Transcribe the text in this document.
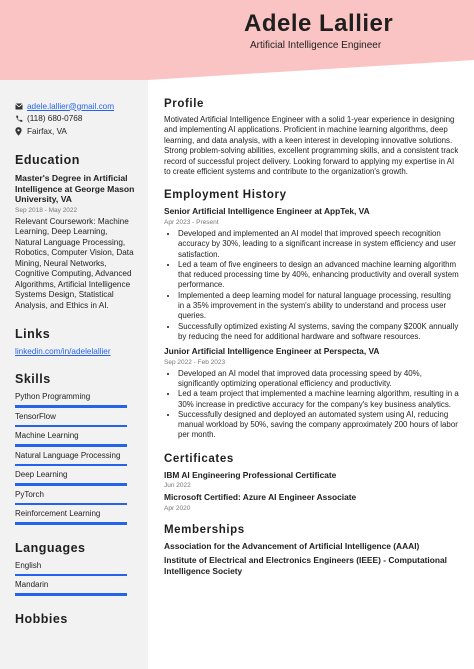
Adele Lallier
Artificial Intelligence Engineer
adele.lallier@gmail.com
(118) 680-0768
Fairfax, VA
Education
Master's Degree in Artificial Intelligence at George Mason University, VA
Sep 2018 - May 2022
Relevant Coursework: Machine Learning, Deep Learning, Natural Language Processing, Robotics, Computer Vision, Data Mining, Neural Networks, Cognitive Computing, Advanced Algorithms, Artificial Intelligence Systems Design, Statistical Analysis, and Ethics in AI.
Links
linkedin.com/in/adelelallier
Skills
Python Programming
TensorFlow
Machine Learning
Natural Language Processing
Deep Learning
PyTorch
Reinforcement Learning
Languages
English
Mandarin
Hobbies
Profile
Motivated Artificial Intelligence Engineer with a solid 1-year experience in designing and implementing AI applications. Proficient in machine learning algorithms, deep learning, and data analysis, with a keen interest in developing innovative solutions. Strong problem-solving abilities, excellent programming skills, and a consistent track record of successful project delivery. Looking forward to applying my expertise in AI to create efficient systems and contribute to the organization's growth.
Employment History
Senior Artificial Intelligence Engineer at AppTek, VA
Apr 2023 - Present
• Developed and implemented an AI model that improved speech recognition accuracy by 30%, leading to a significant increase in system efficiency and user satisfaction.
• Led a team of five engineers to design an advanced machine learning algorithm that reduced processing time by 40%, enhancing productivity and overall system performance.
• Implemented a deep learning model for natural language processing, resulting in a 35% improvement in the system's ability to understand and process user queries.
• Successfully optimized existing AI systems, saving the company $200K annually by reducing the need for additional hardware and software resources.
Junior Artificial Intelligence Engineer at Perspecta, VA
Sep 2022 - Feb 2023
• Developed an AI model that improved data processing speed by 40%, significantly optimizing operational efficiency and productivity.
• Led a team project that implemented a machine learning algorithm, resulting in a 30% increase in predictive accuracy for the company's key business analytics.
• Successfully designed and deployed an automated system using AI, reducing manual workload by 50%, saving the company approximately 200 hours of labor per month.
Certificates
IBM AI Engineering Professional Certificate
Jun 2022
Microsoft Certified: Azure AI Engineer Associate
Apr 2020
Memberships
Association for the Advancement of Artificial Intelligence (AAAI)
Institute of Electrical and Electronics Engineers (IEEE) - Computational Intelligence Society
